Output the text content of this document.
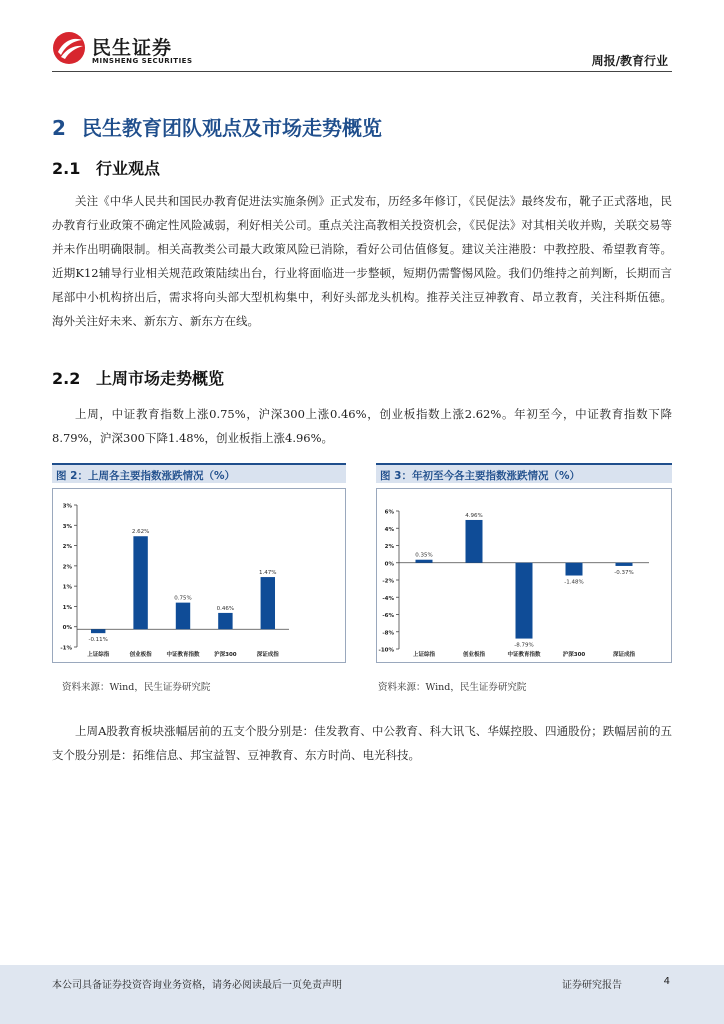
民生证券
MINSHENG SECURITIES	周报/教育行业
2 民生教育团队观点及市场走势概览
2.1 行业观点
关注《中华人民共和国民办教育促进法实施条例》正式发布，历经多年修订，《民促法》最终发布，靴子正式落地，民办教育行业政策不确定性风险减弱，利好相关公司。重点关注高教相关投资机会，《民促法》对其相关收并购，关联交易等并未作出明确限制。相关高教类公司最大政策风险已消除，看好公司估值修复。建议关注港股：中教控股、希望教育等。近期K12辅导行业相关规范政策陆续出台，行业将面临进一步整顿，短期仍需警惕风险。我们仍维持之前判断，长期而言尾部中小机构挤出后，需求将向头部大型机构集中，利好头部龙头机构。推荐关注豆神教育、昂立教育，关注科斯伍德。海外关注好未来、新东方、新东方在线。
2.2 上周市场走势概览
上周，中证教育指数上涨0.75%，沪深300上涨0.46%，创业板指数上涨2.62%。年初至今，中证教育指数下降8.79%，沪深300下降1.48%，创业板指上涨4.96%。
图 2：上周各主要指数涨跌情况（%）
3%
3%
2%
2%
1%
1%
0%
-1%
-0.11%
上证综指
2.62%
创业板指
0.75%
中证教育指数
0.46%
沪深300
1.47%
深证成指
资料来源：Wind，民生证券研究院
图 3：年初至今各主要指数涨跌情况（%）
6%
4%
2%
0%
-2%
-4%
-6%
-8%
-10%
0.35%
上证综指
4.96%
创业板指
-8.79%
中证教育指数
-1.48%
沪深300
-0.37%
深证成指
资料来源：Wind，民生证券研究院
上周A股教育板块涨幅居前的五支个股分别是：佳发教育、中公教育、科大讯飞、华媒控股、四通股份；跌幅居前的五支个股分别是：拓维信息、邦宝益智、豆神教育、东方时尚、电光科技。
本公司具备证券投资咨询业务资格，请务必阅读最后一页免责声明	证券研究报告	4
